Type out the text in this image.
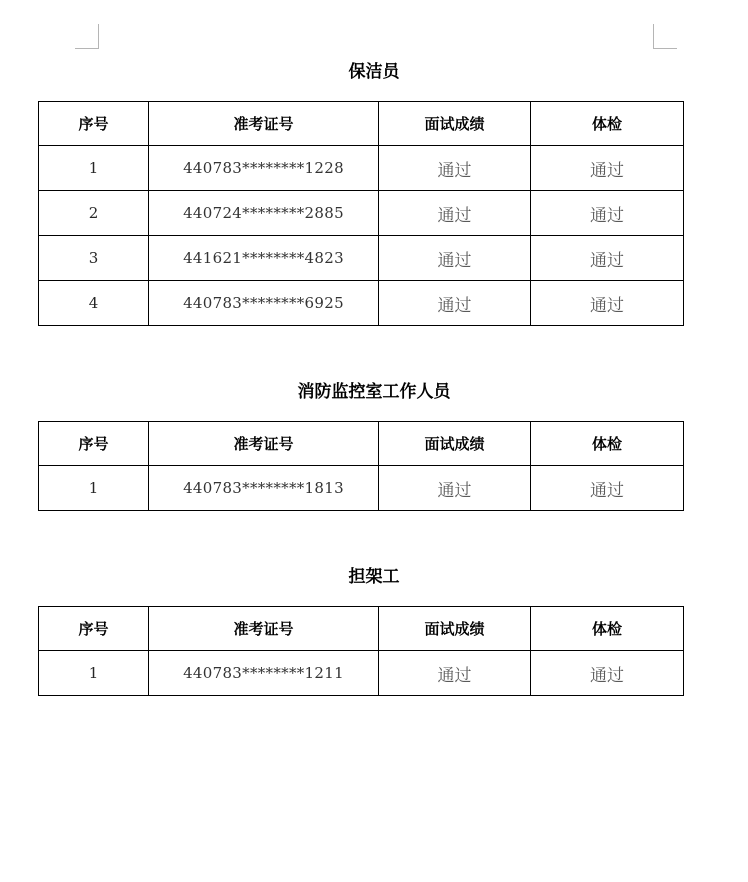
保洁员
序号	准考证号	面试成绩	体检
1	440783********1228	通过	通过
2	440724********2885	通过	通过
3	441621********4823	通过	通过
4	440783********6925	通过	通过
消防监控室工作人员
序号	准考证号	面试成绩	体检
1	440783********1813	通过	通过
担架工
序号	准考证号	面试成绩	体检
1	440783********1211	通过	通过
